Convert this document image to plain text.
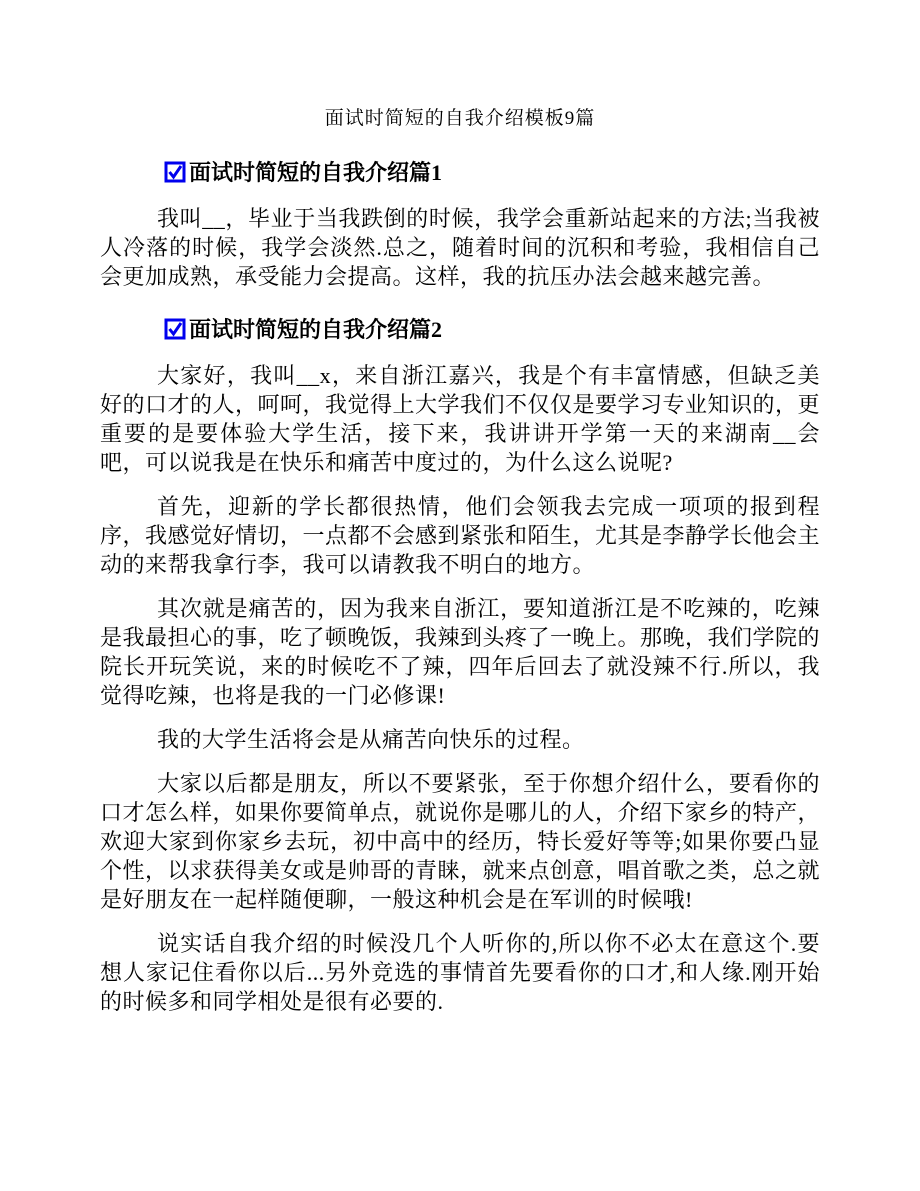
面试时简短的自我介绍模板9篇
面试时简短的自我介绍篇1

我叫__，毕业于当我跌倒的时候，我学会重新站起来的方法;当我被人冷落的时候，我学会淡然.总之，随着时间的沉积和考验，我相信自己会更加成熟，承受能力会提高。这样，我的抗压办法会越来越完善。

面试时简短的自我介绍篇2

大家好，我叫__x，来自浙江嘉兴，我是个有丰富情感，但缺乏美好的口才的人，呵呵，我觉得上大学我们不仅仅是要学习专业知识的，更重要的是要体验大学生活，接下来，我讲讲开学第一天的来湖南__会吧，可以说我是在快乐和痛苦中度过的，为什么这么说呢?

首先，迎新的学长都很热情，他们会领我去完成一项项的报到程序，我感觉好情切，一点都不会感到紧张和陌生，尤其是李静学长他会主动的来帮我拿行李，我可以请教我不明白的地方。

其次就是痛苦的，因为我来自浙江，要知道浙江是不吃辣的，吃辣是我最担心的事，吃了顿晚饭，我辣到头疼了一晚上。那晚，我们学院的院长开玩笑说，来的时候吃不了辣，四年后回去了就没辣不行.所以，我觉得吃辣，也将是我的一门必修课!

我的大学生活将会是从痛苦向快乐的过程。

大家以后都是朋友，所以不要紧张，至于你想介绍什么，要看你的口才怎么样，如果你要简单点，就说你是哪儿的人，介绍下家乡的特产，欢迎大家到你家乡去玩，初中高中的经历，特长爱好等等;如果你要凸显个性，以求获得美女或是帅哥的青睐，就来点创意，唱首歌之类，总之就是好朋友在一起样随便聊，一般这种机会是在军训的时候哦!

说实话自我介绍的时候没几个人听你的,所以你不必太在意这个.要想人家记住看你以后...另外竞选的事情首先要看你的口才,和人缘.刚开始的时候多和同学相处是很有必要的.
